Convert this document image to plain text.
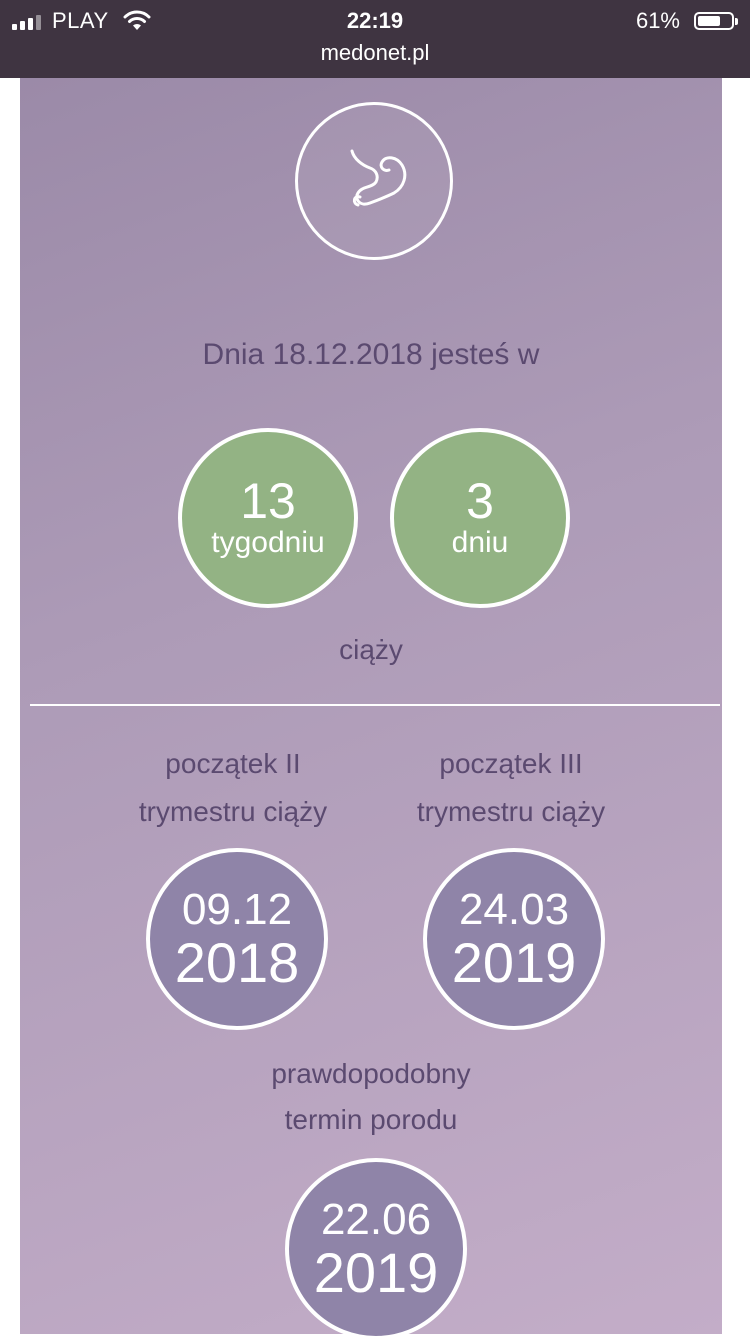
PLAY	22:19	61%
medonet.pl
Dnia 18.12.2018 jesteś w
13
tygodniu
3
dniu
ciąży
początek II
trymestru ciąży
początek III
trymestru ciąży
09.12
2018
24.03
2019
prawdopodobny
termin porodu
22.06
2019
